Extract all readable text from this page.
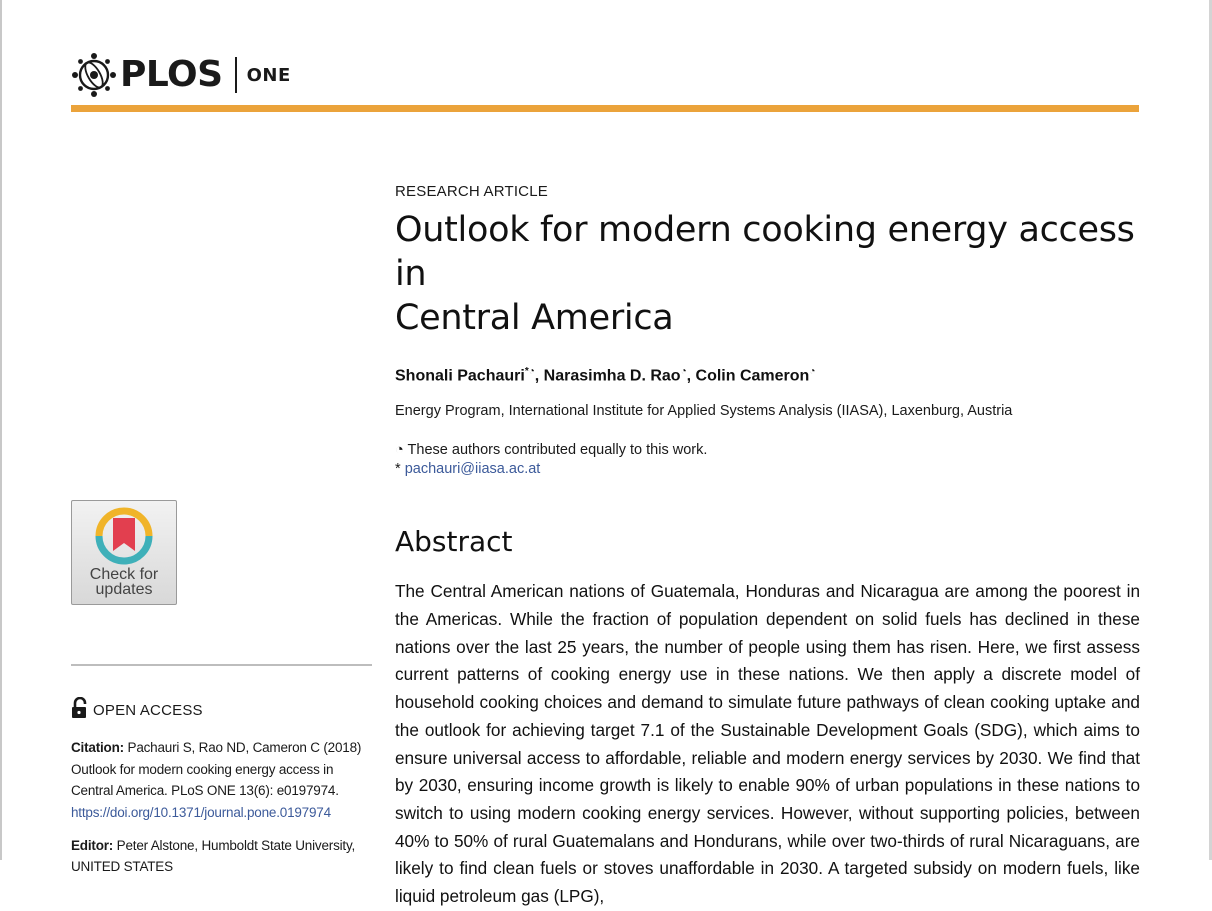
PLOS ONE

RESEARCH ARTICLE

Outlook for modern cooking energy access in
Central America
Shonali Pachauri*◔, Narasimha D. Rao◔, Colin Cameron◔
Energy Program, International Institute for Applied Systems Analysis (IIASA), Laxenburg, Austria
◔ These authors contributed equally to this work.
* pachauri@iiasa.ac.at
Abstract
The Central American nations of Guatemala, Honduras and Nicaragua are among the poorest in the Americas. While the fraction of population dependent on solid fuels has declined in these nations over the last 25 years, the number of people using them has risen. Here, we first assess current patterns of cooking energy use in these nations. We then apply a discrete model of household cooking choices and demand to simulate future pathways of clean cooking uptake and the outlook for achieving target 7.1 of the Sustainable Development Goals (SDG), which aims to ensure universal access to affordable, reliable and modern energy services by 2030. We find that by 2030, ensuring income growth is likely to enable 90% of urban populations in these nations to switch to using modern cooking energy services. However, without supporting policies, between 40% to 50% of rural Guatemalans and Hondurans, while over two-thirds of rural Nicaraguans, are likely to find clean fuels or stoves unaffordable in 2030. A targeted subsidy on modern fuels, like liquid petroleum gas (LPG),
Check for
updates
OPEN ACCESS
Citation: Pachauri S, Rao ND, Cameron C (2018) Outlook for modern cooking energy access in Central America. PLoS ONE 13(6): e0197974. https://doi.org/10.1371/journal.pone.0197974
Editor: Peter Alstone, Humboldt State University, UNITED STATES
